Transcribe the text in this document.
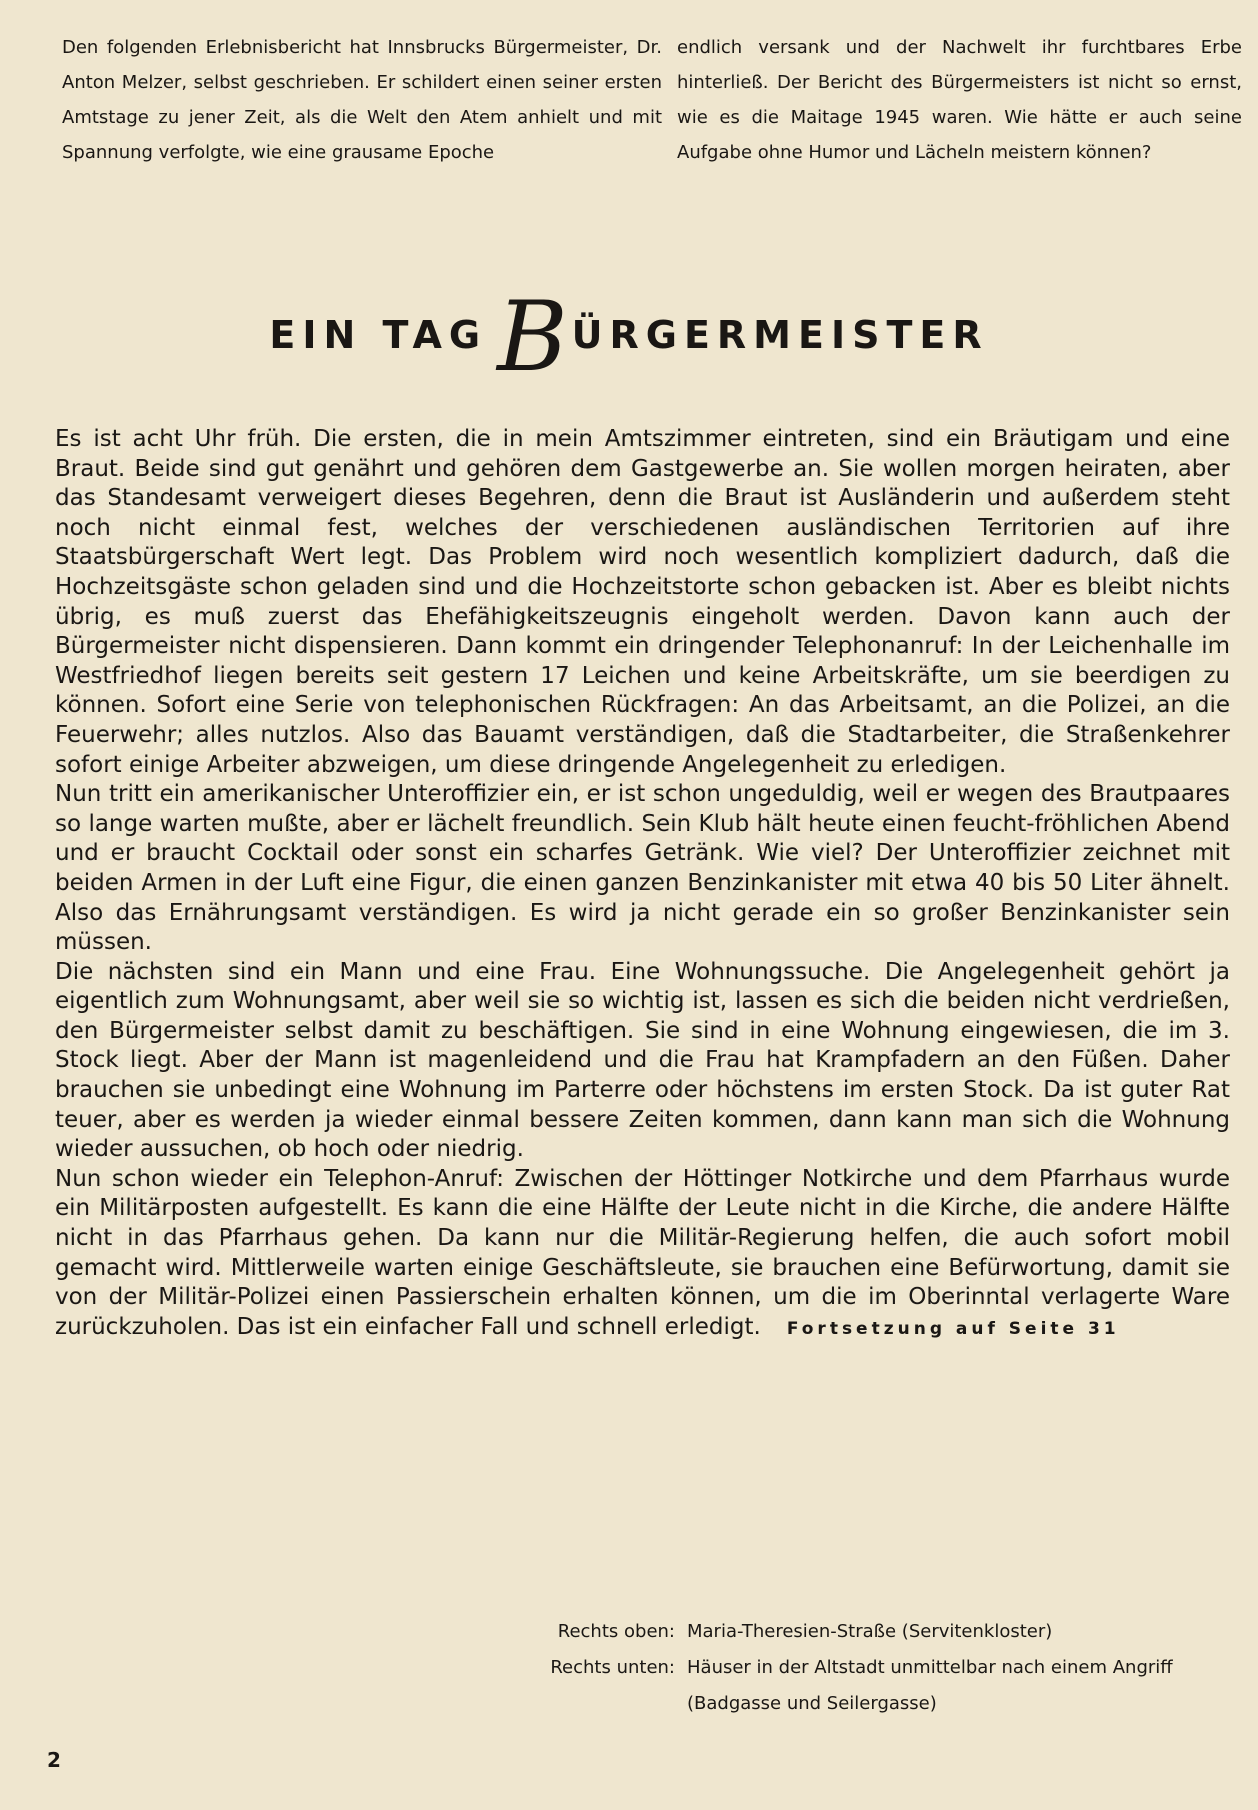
Den folgenden Erlebnisbericht hat Innsbrucks Bürgermeister, Dr. Anton Melzer, selbst geschrieben. Er schildert einen seiner ersten Amtstage zu jener Zeit, als die Welt den Atem anhielt und mit Spannung verfolgte, wie eine grausame Epoche
endlich versank und der Nachwelt ihr furchtbares Erbe hinterließ. Der Bericht des Bürgermeisters ist nicht so ernst, wie es die Maitage 1945 waren. Wie hätte er auch seine Aufgabe ohne Humor und Lächeln meistern können?
EIN TAG B ÜRGERMEISTER

Es ist acht Uhr früh. Die ersten, die in mein Amtszimmer eintreten, sind ein Bräutigam und eine Braut. Beide sind gut genährt und gehören dem Gastgewerbe an. Sie wollen morgen heiraten, aber das Standesamt verweigert dieses Begehren, denn die Braut ist Ausländerin und außerdem steht noch nicht einmal fest, welches der verschiedenen ausländischen Territorien auf ihre Staatsbürgerschaft Wert legt. Das Problem wird noch wesentlich kompliziert dadurch, daß die Hochzeitsgäste schon geladen sind und die Hochzeitstorte schon gebacken ist. Aber es bleibt nichts übrig, es muß zuerst das Ehefähigkeitszeugnis eingeholt werden. Davon kann auch der Bürgermeister nicht dispensieren. Dann kommt ein dringender Telephonanruf: In der Leichenhalle im Westfriedhof liegen bereits seit gestern 17 Leichen und keine Arbeitskräfte, um sie beerdigen zu können. Sofort eine Serie von telephonischen Rückfragen: An das Arbeitsamt, an die Polizei, an die Feuerwehr; alles nutzlos. Also das Bauamt verständigen, daß die Stadtarbeiter, die Straßenkehrer sofort einige Arbeiter abzweigen, um diese dringende Angelegenheit zu erledigen.

Nun tritt ein amerikanischer Unteroffizier ein, er ist schon ungeduldig, weil er wegen des Brautpaares so lange warten mußte, aber er lächelt freundlich. Sein Klub hält heute einen feucht-fröhlichen Abend und er braucht Cocktail oder sonst ein scharfes Getränk. Wie viel? Der Unteroffizier zeichnet mit beiden Armen in der Luft eine Figur, die einen ganzen Benzinkanister mit etwa 40 bis 50 Liter ähnelt. Also das Ernährungsamt verständigen. Es wird ja nicht gerade ein so großer Benzinkanister sein müssen.

Die nächsten sind ein Mann und eine Frau. Eine Wohnungssuche. Die Angelegenheit gehört ja eigentlich zum Wohnungsamt, aber weil sie so wichtig ist, lassen es sich die beiden nicht verdrießen, den Bürgermeister selbst damit zu beschäftigen. Sie sind in eine Wohnung eingewiesen, die im 3. Stock liegt. Aber der Mann ist magenleidend und die Frau hat Krampfadern an den Füßen. Daher brauchen sie unbedingt eine Wohnung im Parterre oder höchstens im ersten Stock. Da ist guter Rat teuer, aber es werden ja wieder einmal bessere Zeiten kommen, dann kann man sich die Wohnung wieder aussuchen, ob hoch oder niedrig.

Nun schon wieder ein Telephon-Anruf: Zwischen der Höttinger Notkirche und dem Pfarrhaus wurde ein Militärposten aufgestellt. Es kann die eine Hälfte der Leute nicht in die Kirche, die andere Hälfte nicht in das Pfarrhaus gehen. Da kann nur die Militär-Regierung helfen, die auch sofort mobil gemacht wird. Mittlerweile warten einige Geschäftsleute, sie brauchen eine Befürwortung, damit sie von der Militär-Polizei einen Passierschein erhalten können, um die im Oberinntal verlagerte Ware zurückzuholen. Das ist ein einfacher Fall und schnell erledigt. Fortsetzung auf Seite 31

Rechts oben: Maria-Theresien-Straße (Servitenkloster)
Rechts unten: Häuser in der Altstadt unmittelbar nach einem Angriff (Badgasse und Seilergasse)
2
